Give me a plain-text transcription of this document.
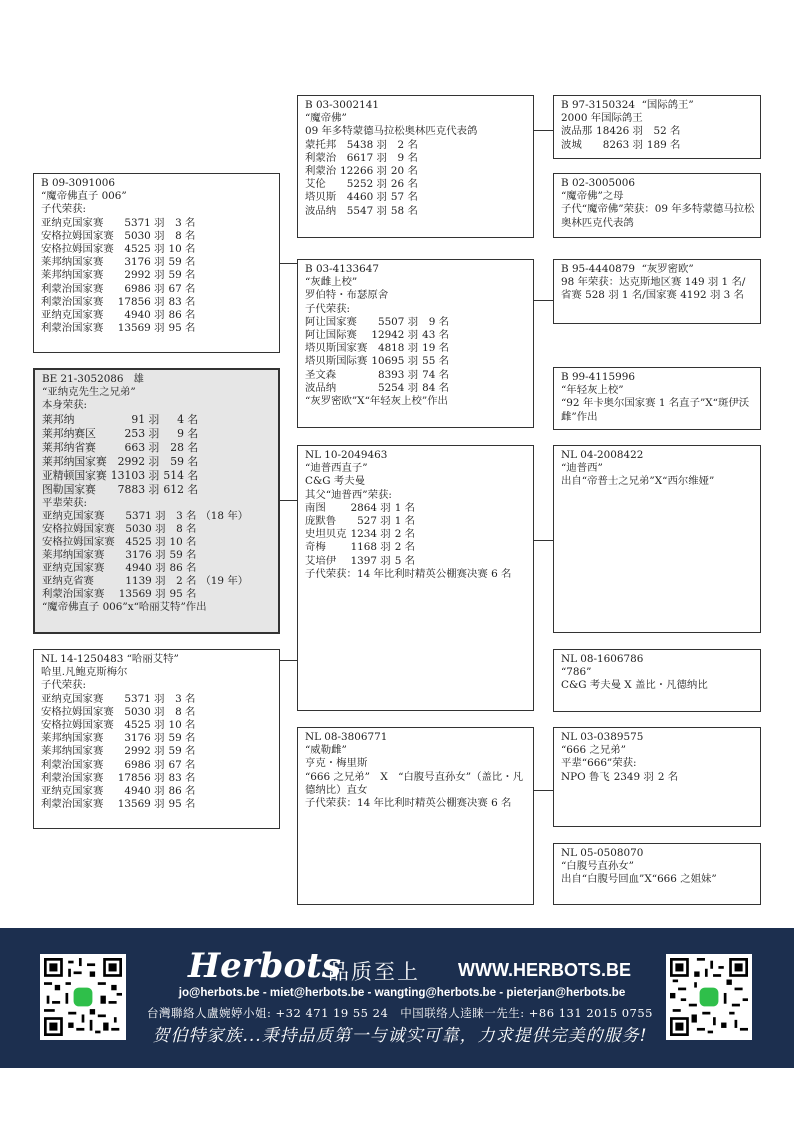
B 09-3091006
“魔帝佛直子 006”
子代荣获:
亚纳克国家赛	5371 羽	3 名
安格拉姆国家赛	5030 羽	8 名
安格拉姆国家赛	4525 羽	10 名
莱邦纳国家赛	3176 羽	59 名
莱邦纳国家赛	2992 羽	59 名
利蒙治国家赛	6986 羽	67 名
利蒙治国家赛	17856 羽	83 名
亚纳克国家赛	4940 羽	86 名
利蒙治国家赛	13569 羽	95 名
BE 21-3052086 雄
“亚纳克先生之兄弟”
本身荣获:
莱邦纳	91 羽	4 名
莱邦纳赛区	253 羽	9 名
莱邦纳省赛	663 羽	28 名
莱邦纳国家赛	2992 羽	59 名
亚精顿国家赛	13103 羽	514 名
图勒国家赛	7883 羽	612 名
平辈荣获:
亚纳克国家赛	5371 羽	3 名	（18 年）
安格拉姆国家赛	5030 羽	8 名	
安格拉姆国家赛	4525 羽	10 名	
莱邦纳国家赛	3176 羽	59 名	
亚纳克国家赛	4940 羽	86 名	
亚纳克省赛	1139 羽	2 名	（19 年）
利蒙治国家赛	13569 羽	95 名	
“魔帝佛直子 006”x“哈丽艾特”作出
NL 14-1250483 “哈丽艾特”
哈里.凡鲍克斯梅尔
子代荣获:
亚纳克国家赛	5371 羽	3 名
安格拉姆国家赛	5030 羽	8 名
安格拉姆国家赛	4525 羽	10 名
莱邦纳国家赛	3176 羽	59 名
莱邦纳国家赛	2992 羽	59 名
利蒙治国家赛	6986 羽	67 名
利蒙治国家赛	17856 羽	83 名
亚纳克国家赛	4940 羽	86 名
利蒙治国家赛	13569 羽	95 名
B 03-3002141
“魔帝佛”
09 年多特蒙德马拉松奥林匹克代表鸽
蒙托邦	5438 羽	2 名
利蒙治	6617 羽	9 名
利蒙治	12266 羽	20 名
艾伦	5252 羽	26 名
塔贝斯	4460 羽	57 名
波品纳	5547 羽	58 名
B 03-4133647
“灰雌上校”
罗伯特・布瑟原舍
子代荣获:
阿让国家赛	5507 羽	9 名
阿让国际赛	12942 羽	43 名
塔贝斯国家赛	4818 羽	19 名
塔贝斯国际赛	10695 羽	55 名
圣文森	8393 羽	74 名
波品纳	5254 羽	84 名
“灰罗密欧”X“年轻灰上校”作出
NL 10-2049463
“迪普西直子”
C&G 考夫曼
其父“迪普西”荣获:
南图	2864 羽	1 名
庞默鲁	527 羽	1 名
史坦贝克	1234 羽	2 名
奇梅	1168 羽	2 名
艾培伊	1397 羽	5 名
子代荣获：14 年比利时精英公棚赛决赛 6 名
NL 08-3806771
“威勒雌”
亨克・梅里斯
“666 之兄弟”　X　“白腹号直孙女”（盖比・凡德纳比）直女
子代荣获：14 年比利时精英公棚赛决赛 6 名
B 97-3150324 “国际鸽王”
2000 年国际鸽王
波品那	18426 羽	52 名
波城	8263 羽	189 名
B 02-3005006
“魔帝佛”之母
子代“魔帝佛”荣获：09 年多特蒙德马拉松奥林匹克代表鸽
B 95-4440879 “灰罗密欧”
98 年荣获：达克斯地区赛 149 羽 1 名/省赛 528 羽 1 名/国家赛 4192 羽 3 名
B 99-4115996
“年轻灰上校”
“92 年卡奥尔国家赛 1 名直子”X“斑伊沃雌”作出
NL 04-2008422
“迪普西”
出自“帝普士之兄弟”X“西尔维娅”
NL 08-1606786
“786”
C&G 考夫曼 X 盖比・凡德纳比
NL 03-0389575
“666 之兄弟”
平辈“666”荣获:
NPO 鲁飞	2349 羽	2 名
NL 05-0508070
“白腹号直孙女”
出自“白腹号回血”X“666 之姐妹”
Herbots
品质至上 WWW.HERBOTS.BE
jo@herbots.be - miet@herbots.be - wangting@herbots.be - pieterjan@herbots.be
台灣聯絡人盧婉婷小姐: +32 471 19 55 24　中国联络人逵睐一先生: +86 131 2015 0755
贺伯特家族...秉持品质第一与诚实可靠，力求提供完美的服务!
